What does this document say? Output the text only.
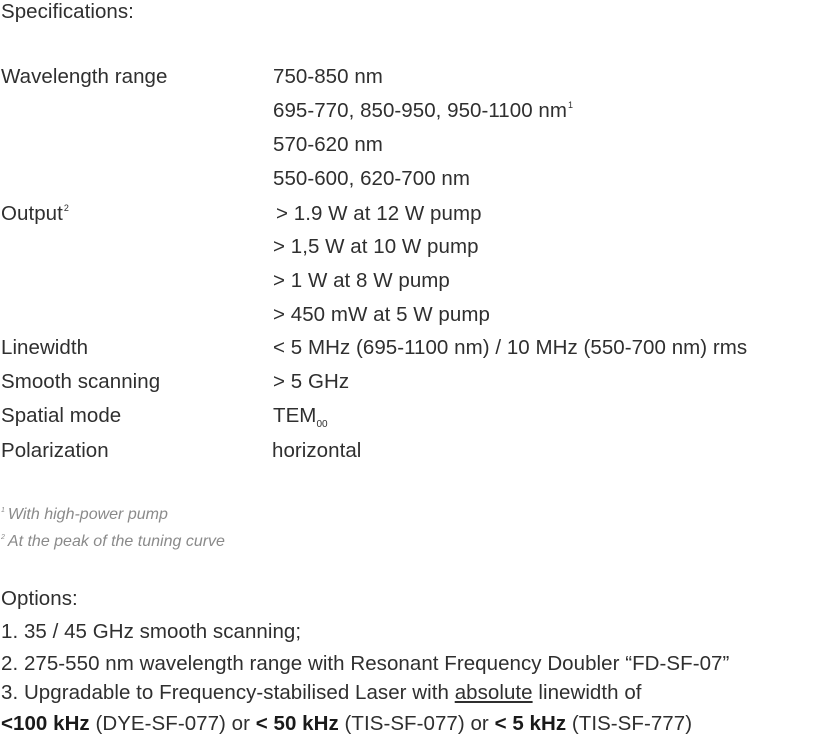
Specifications:
Wavelength range	750-850 nm
695-770, 850-950, 950-1100 nm$^1$
570-620 nm
550-600, 620-700 nm
Output$^2$	> 1.9 W at 12 W pump
> 1,5 W at 10 W pump
> 1 W at 8 W pump
> 450 mW at 5 W pump
Linewidth	< 5 MHz (695-1100 nm) / 10 MHz (550-700 nm) rms
Smooth scanning	> 5 GHz
Spatial mode	$TEM_{00}$
Polarization	horizontal
$^1$ With high-power pump
$^2$ At the peak of the tuning curve
Options:
1. 35 / 45 GHz smooth scanning;
2. 275-550 nm wavelength range with Resonant Frequency Doubler “FD-SF-07”
3. Upgradable to Frequency-stabilised Laser with absolute linewidth of
<100 kHz (DYE-SF-077) or < 50 kHz (TIS-SF-077) or < 5 kHz (TIS-SF-777)
